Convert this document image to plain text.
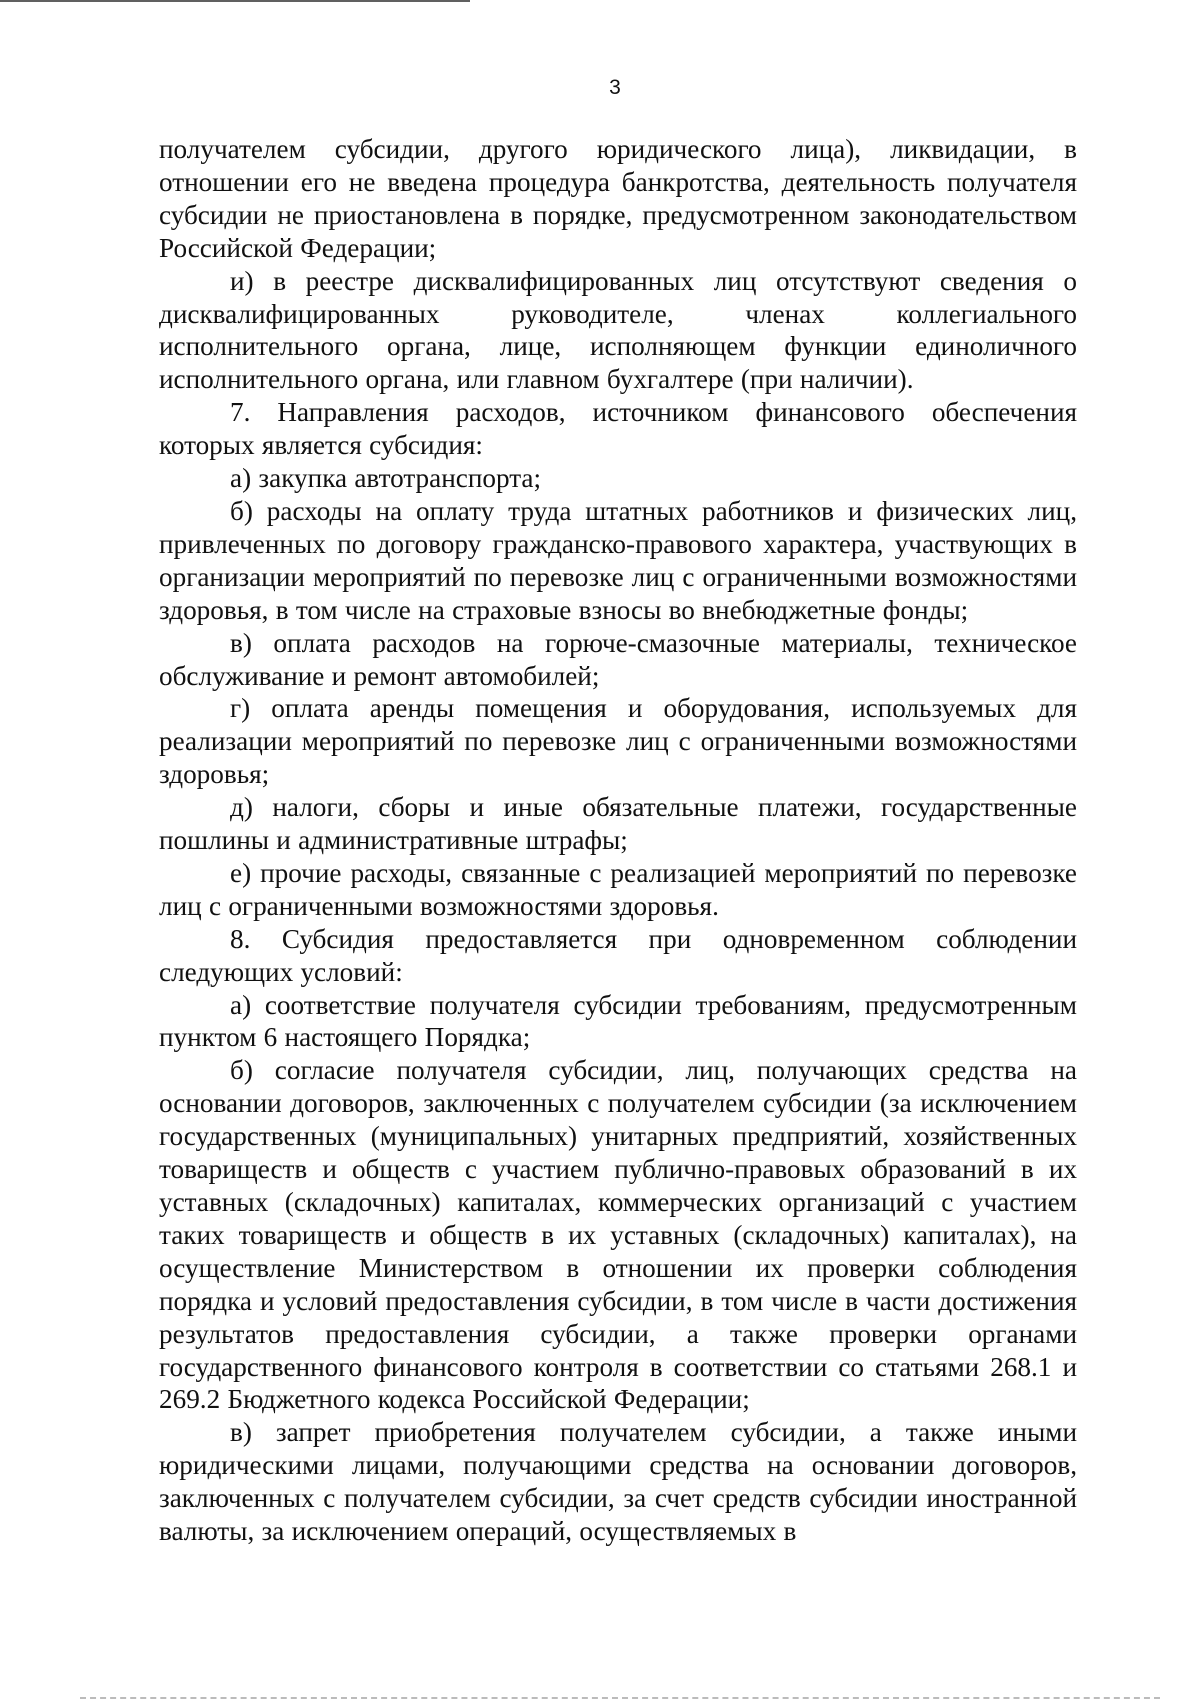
3

получателем субсидии, другого юридического лица), ликвидации, в отношении его не введена процедура банкротства, деятельность получателя субсидии не приостановлена в порядке, предусмотренном законодательством Российской Федерации;

и) в реестре дисквалифицированных лиц отсутствуют сведения о дисквалифицированных руководителе, членах коллегиального исполнительного органа, лице, исполняющем функции единоличного исполнительного органа, или главном бухгалтере (при наличии).

7. Направления расходов, источником финансового обеспечения которых является субсидия:

а) закупка автотранспорта;

б) расходы на оплату труда штатных работников и физических лиц, привлеченных по договору гражданско-правового характера, участвующих в организации мероприятий по перевозке лиц с ограниченными возможностями здоровья, в том числе на страховые взносы во внебюджетные фонды;

в) оплата расходов на горюче-смазочные материалы, техническое обслуживание и ремонт автомобилей;

г) оплата аренды помещения и оборудования, используемых для реализации мероприятий по перевозке лиц с ограниченными возможностями здоровья;

д) налоги, сборы и иные обязательные платежи, государственные пошлины и административные штрафы;

е) прочие расходы, связанные с реализацией мероприятий по перевозке лиц с ограниченными возможностями здоровья.

8. Субсидия предоставляется при одновременном соблюдении следующих условий:

а) соответствие получателя субсидии требованиям, предусмотренным пунктом 6 настоящего Порядка;

б) согласие получателя субсидии, лиц, получающих средства на основании договоров, заключенных с получателем субсидии (за исключением государственных (муниципальных) унитарных предприятий, хозяйственных товариществ и обществ с участием публично-правовых образований в их уставных (складочных) капиталах, коммерческих организаций с участием таких товариществ и обществ в их уставных (складочных) капиталах), на осуществление Министерством в отношении их проверки соблюдения порядка и условий предоставления субсидии, в том числе в части достижения результатов предоставления субсидии, а также проверки органами государственного финансового контроля в соответствии со статьями 268.1 и 269.2 Бюджетного кодекса Российской Федерации;

в) запрет приобретения получателем субсидии, а также иными юридическими лицами, получающими средства на основании договоров, заключенных с получателем субсидии, за счет средств субсидии иностранной валюты, за исключением операций, осуществляемых в
